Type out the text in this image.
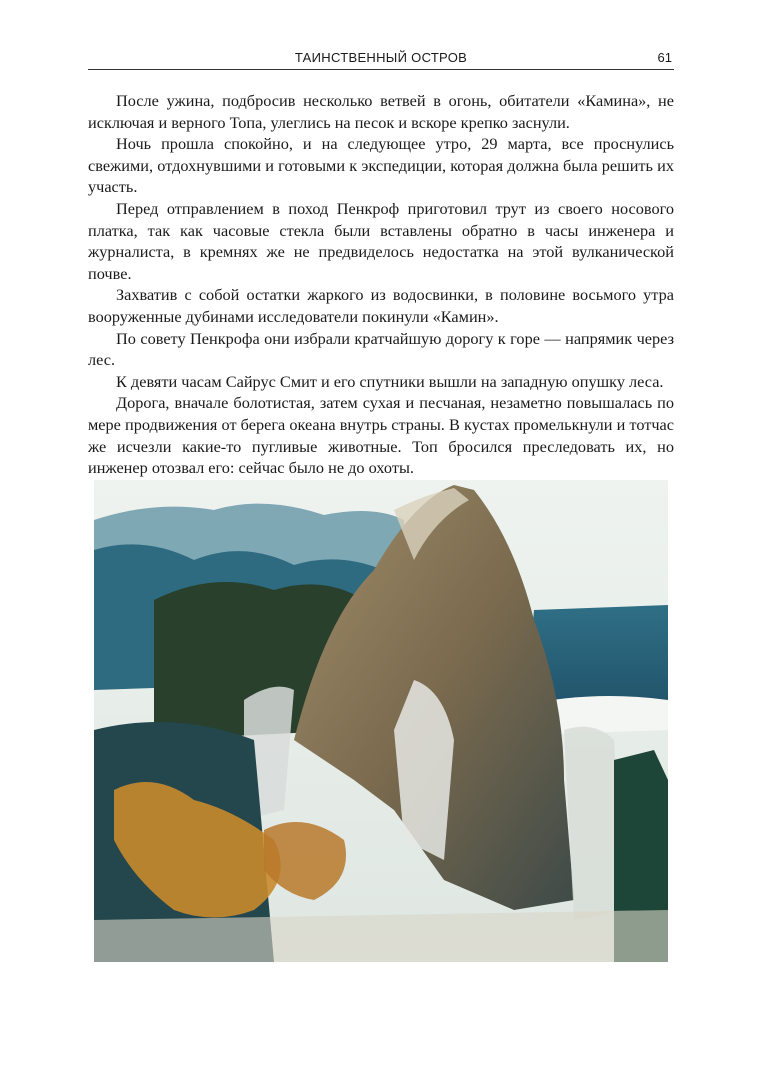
ТАИНСТВЕННЫЙ ОСТРОВ	61

После ужина, подбросив несколько ветвей в огонь, обитатели «Камина», не исключая и верного Топа, улеглись на песок и вскоре крепко заснули.

Ночь прошла спокойно, и на следующее утро, 29 марта, все проснулись свежими, отдохнувшими и готовыми к экспедиции, которая должна была решить их участь.

Перед отправлением в поход Пенкроф приготовил трут из своего носового платка, так как часовые стекла были вставлены обратно в часы инженера и журналиста, в кремнях же не предвиделось недостатка на этой вулканической почве.

Захватив с собой остатки жаркого из водосвинки, в половине восьмого утра вооруженные дубинами исследователи покинули «Камин».

По совету Пенкрофа они избрали кратчайшую дорогу к горе — напрямик через лес.

К девяти часам Сайрус Смит и его спутники вышли на западную опушку леса.

Дорога, вначале болотистая, затем сухая и песчаная, незаметно повышалась по мере продвижения от берега океана внутрь страны. В кустах промелькнули и тотчас же исчезли какие-то пугливые животные. Топ бросился преследовать их, но инженер отозвал его: сейчас было не до охоты.
